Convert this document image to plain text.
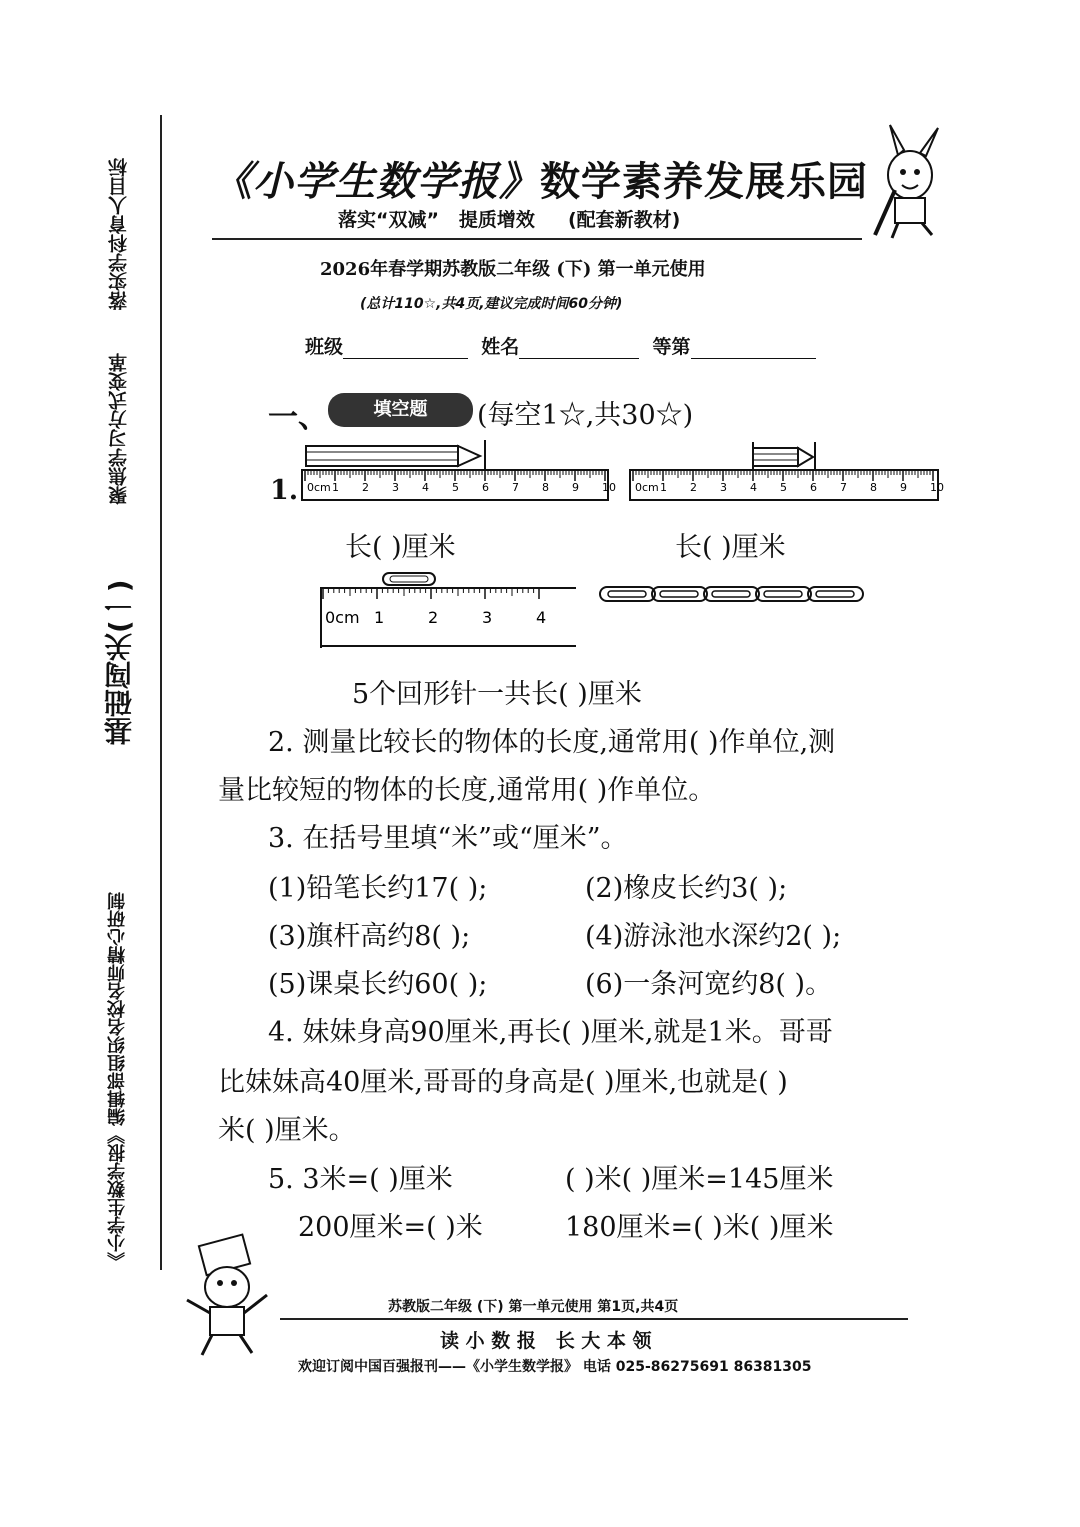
落实学科育人目标
聚焦学习方式变革
基础闯关(一)
《小学生数学报》编辑部组织名校名师精心研制
《小学生数学报》数学素养发展乐园
落实“双减” 提质增效 (配套新教材)
2026年春学期苏教版二年级 (下) 第一单元使用
(总计110☆,共4页,建议完成时间60分钟)
班级	姓名	等第
一、	填空题	(每空1☆,共30☆)
1. 0cm 1 2 3 4 5 6 7 8 9 10 0cm 1 2 3 4 5 6 7 8 9 10
长( )厘米	长( )厘米
0cm 1	2	3	4
5个回形针一共长( )厘米
2. 测量比较长的物体的长度,通常用( )作单位,测
量比较短的物体的长度,通常用( )作单位。
3. 在括号里填“米”或“厘米”。
(1)铅笔长约17( );	(2)橡皮长约3( );
(3)旗杆高约8( );	(4)游泳池水深约2( );
(5)课桌长约60( );	(6)一条河宽约8( )。
4. 妹妹身高90厘米,再长( )厘米,就是1米。哥哥
比妹妹高40厘米,哥哥的身高是( )厘米,也就是( )
米( )厘米。
5. 3米=( )厘米	( )米( )厘米=145厘米
200厘米=( )米	180厘米=( )米( )厘米
苏教版二年级 (下) 第一单元使用 第1页,共4页
读 小 数 报   长 大 本 领
欢迎订阅中国百强报刊——《小学生数学报》 电话 025-86275691 86381305
